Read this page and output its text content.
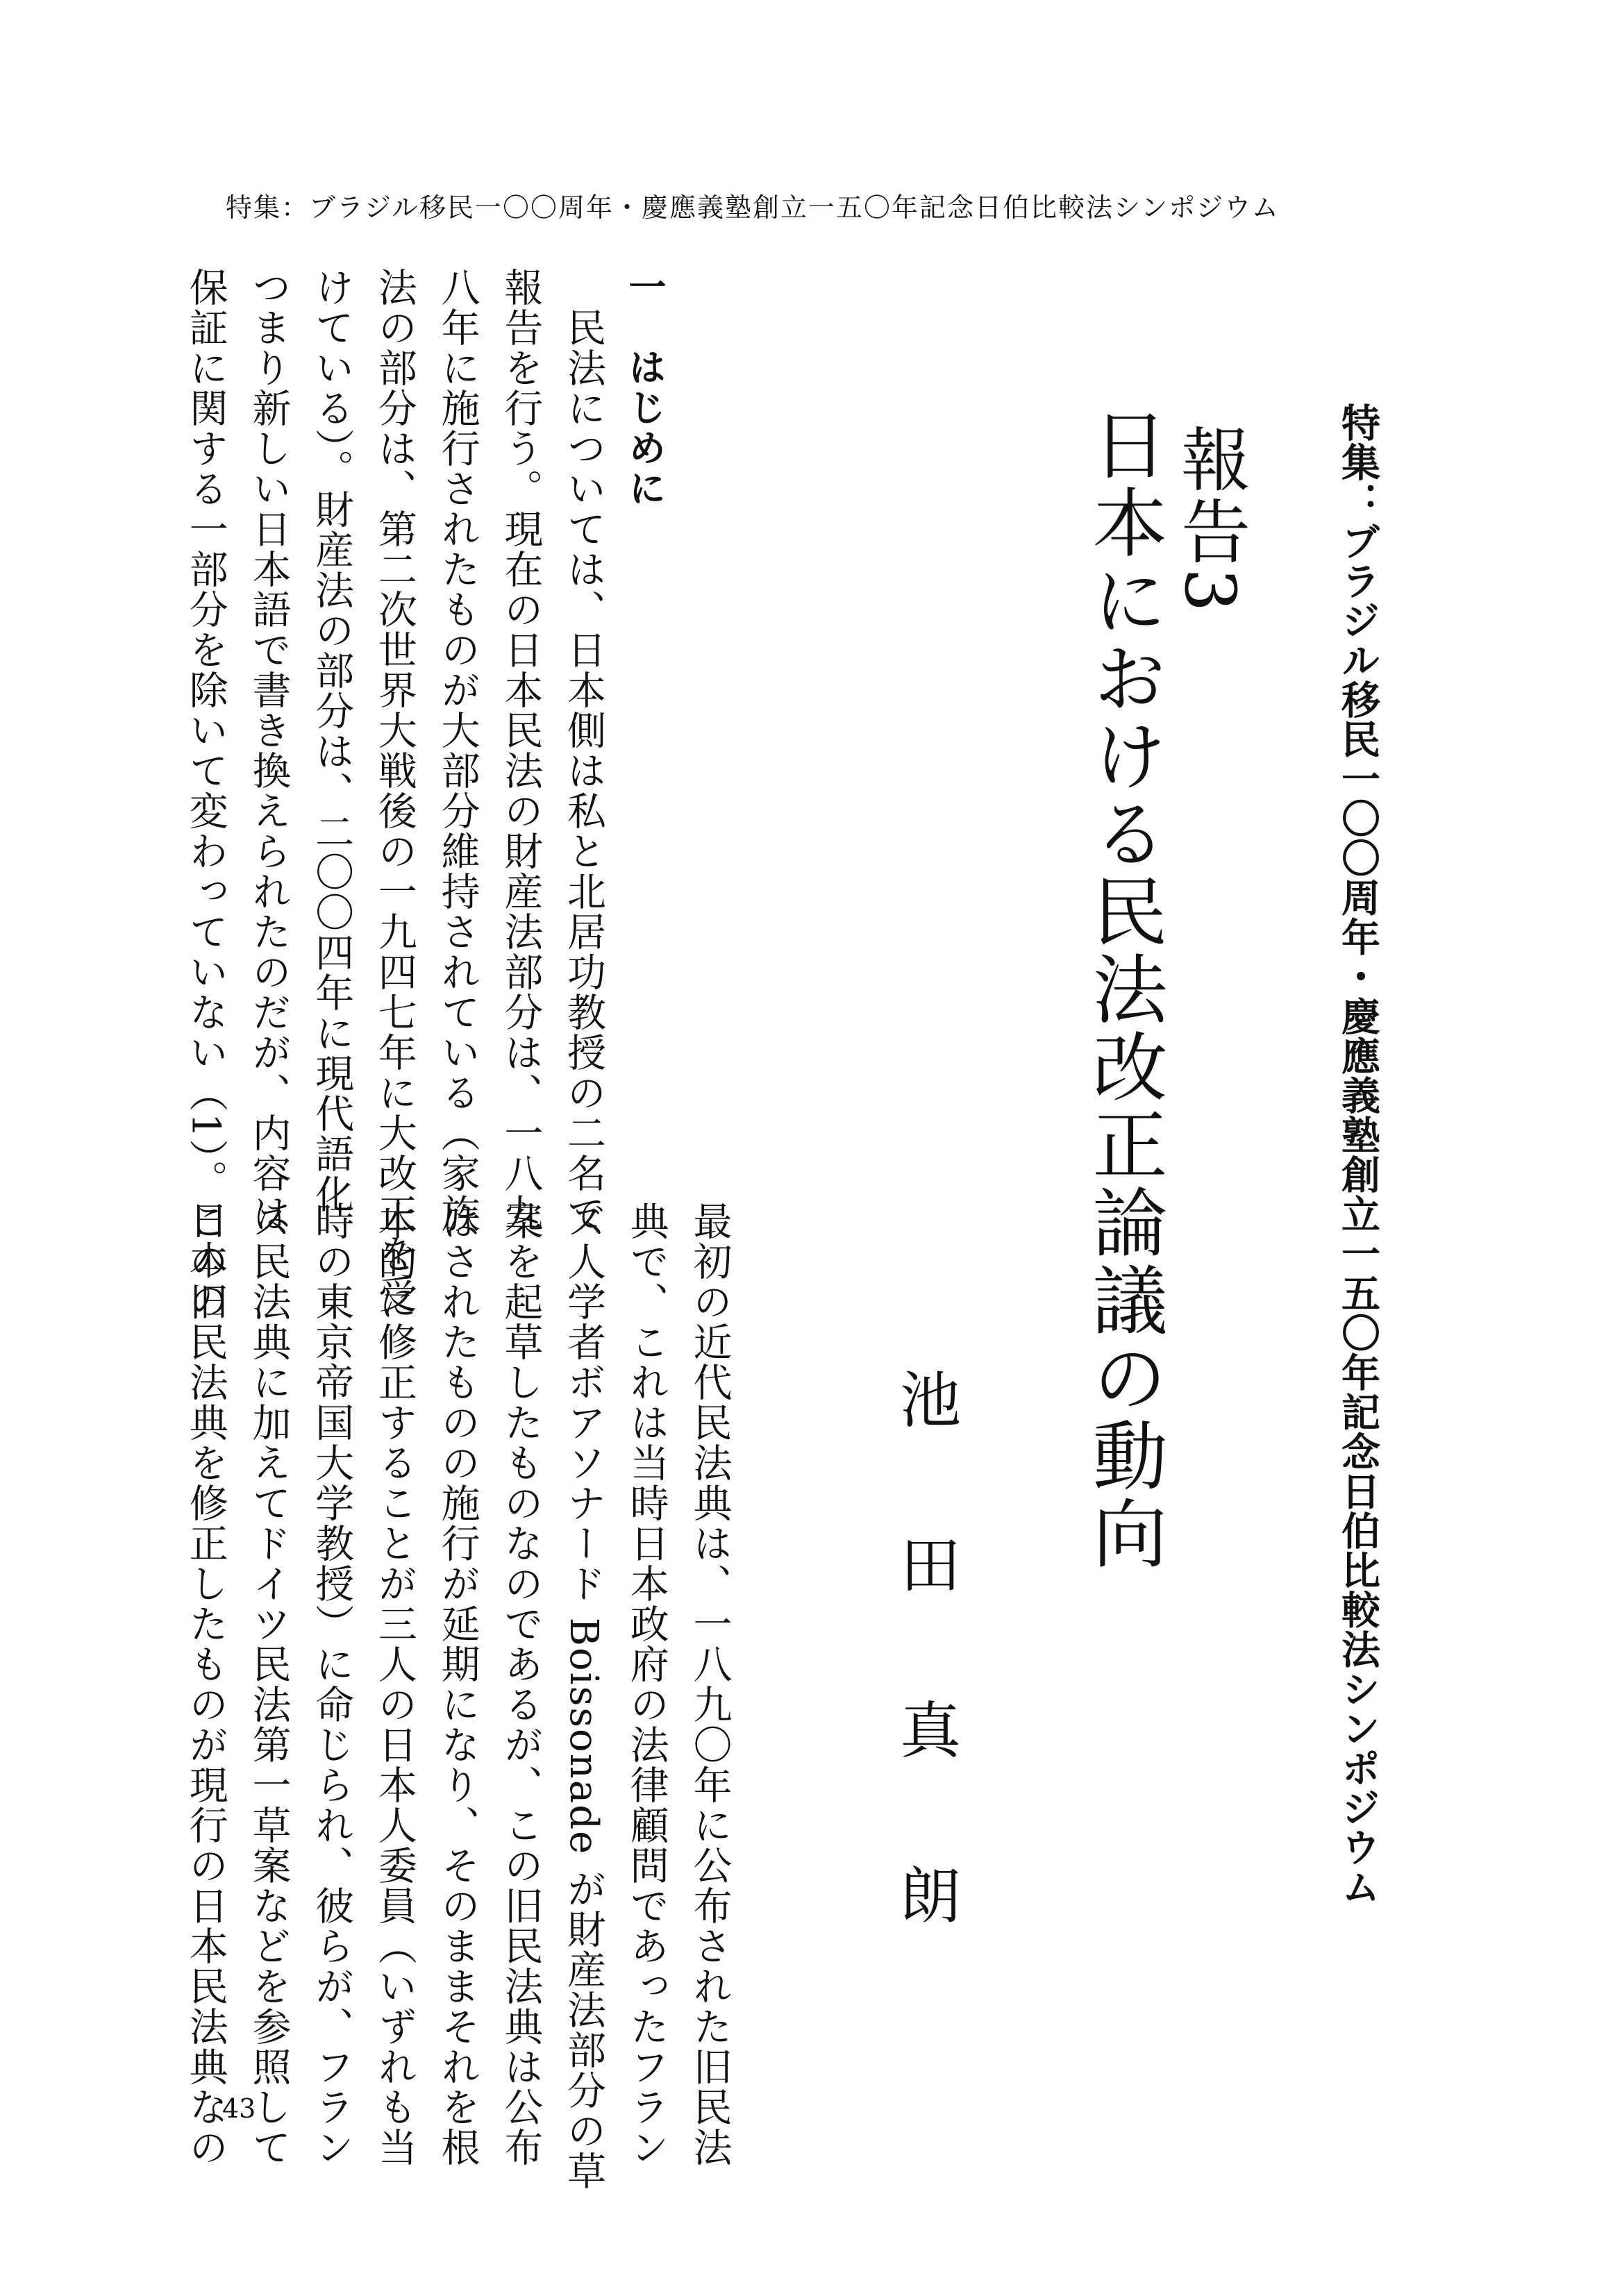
特集：ブラジル移民一〇〇周年・慶應義塾創立一五〇年記念日伯比較法シンポジウム
特集：ブラジル移民一〇〇周年・慶應義塾創立一五〇年記念日伯比較法シンポジウム
報告3
日本における民法改正論議の動向
池田真朗
最初の近代民法典は、一八九〇年に公布された旧民法
典で、これは当時日本政府の法律顧問であったフラン
ス人学者ボアソナード Boissonade が財産法部分の草
案を起草したものなのであるが、この旧民法典は公布
はされたものの施行が延期になり、そのままそれを根
本的に修正することが三人の日本人委員（いずれも当
時の東京帝国大学教授）に命じられ、彼らが、フラン
ス民法典に加えてドイツ民法第一草案などを参照して
この旧民法典を修正したものが現行の日本民法典なの
一　はじめに
　民法については、日本側は私と北居功教授の二名で
報告を行う。現在の日本民法の財産法部分は、一八九
八年に施行されたものが大部分維持されている（家族
法の部分は、第二次世界大戦後の一九四七年に大改正を受
けている）。財産法の部分は、二〇〇四年に現代語化
つまり新しい日本語で書き換えられたのだが、内容は
保証に関する一部分を除いて変わっていない（1）。日本の
43
